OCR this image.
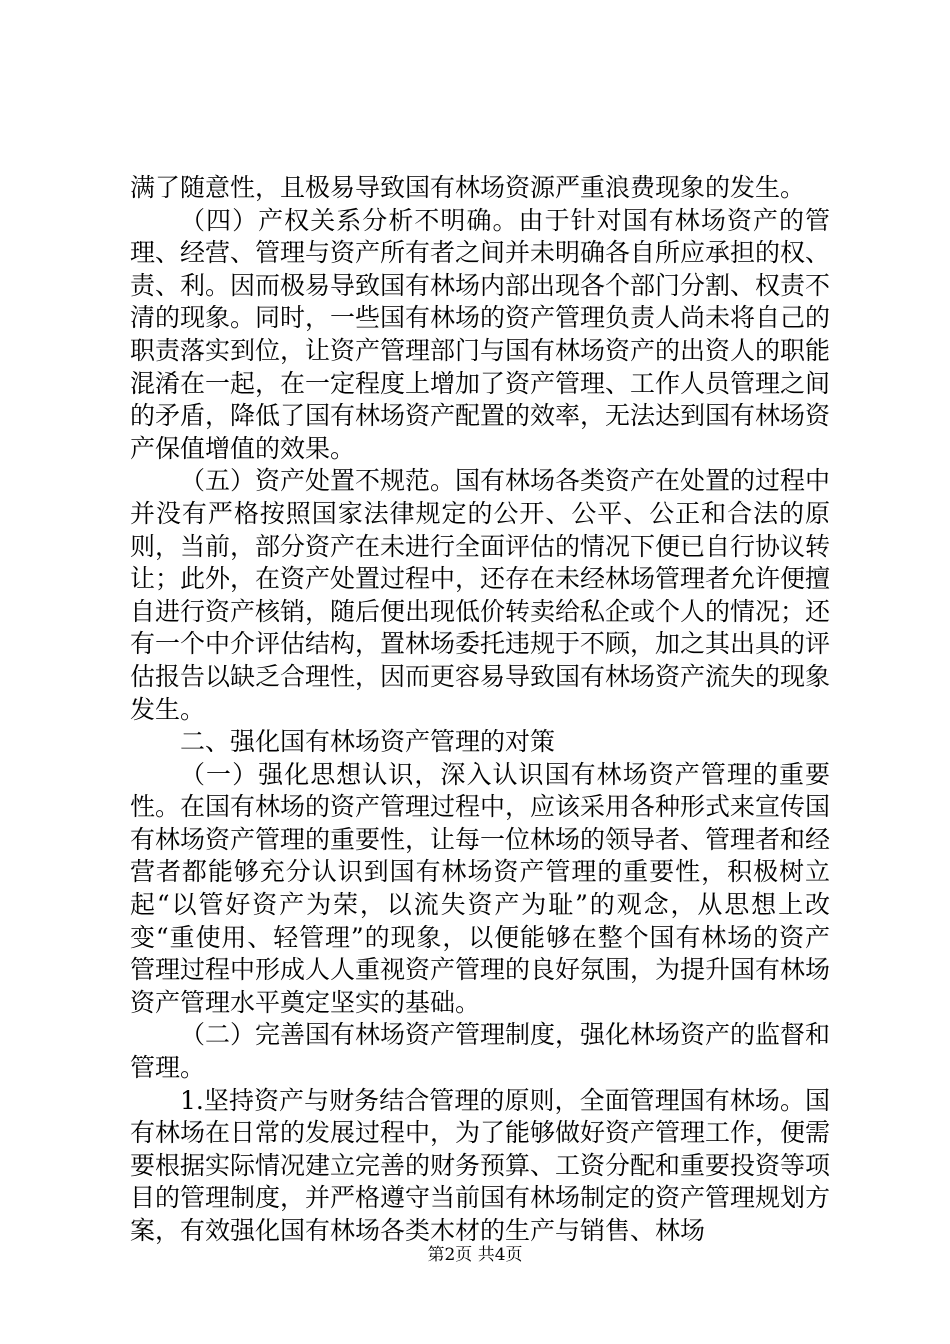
满了随意性，且极易导致国有林场资源严重浪费现象的发生。

（四）产权关系分析不明确。由于针对国有林场资产的管理、经营、管理与资产所有者之间并未明确各自所应承担的权、责、利。因而极易导致国有林场内部出现各个部门分割、权责不清的现象。同时，一些国有林场的资产管理负责人尚未将自己的职责落实到位，让资产管理部门与国有林场资产的出资人的职能混淆在一起，在一定程度上增加了资产管理、工作人员管理之间的矛盾，降低了国有林场资产配置的效率，无法达到国有林场资产保值增值的效果。

（五）资产处置不规范。国有林场各类资产在处置的过程中并没有严格按照国家法律规定的公开、公平、公正和合法的原则，当前，部分资产在未进行全面评估的情况下便已自行协议转让；此外，在资产处置过程中，还存在未经林场管理者允许便擅自进行资产核销，随后便出现低价转卖给私企或个人的情况；还有一个中介评估结构，置林场委托违规于不顾，加之其出具的评估报告以缺乏合理性，因而更容易导致国有林场资产流失的现象发生。

二、强化国有林场资产管理的对策

（一）强化思想认识，深入认识国有林场资产管理的重要性。在国有林场的资产管理过程中，应该采用各种形式来宣传国有林场资产管理的重要性，让每一位林场的领导者、管理者和经营者都能够充分认识到国有林场资产管理的重要性，积极树立起“以管好资产为荣，以流失资产为耻”的观念，从思想上改变“重使用、轻管理”的现象，以便能够在整个国有林场的资产管理过程中形成人人重视资产管理的良好氛围，为提升国有林场资产管理水平奠定坚实的基础。

（二）完善国有林场资产管理制度，强化林场资产的监督和管理。

1.坚持资产与财务结合管理的原则，全面管理国有林场。国有林场在日常的发展过程中，为了能够做好资产管理工作，便需要根据实际情况建立完善的财务预算、工资分配和重要投资等项目的管理制度，并严格遵守当前国有林场制定的资产管理规划方案，有效强化国有林场各类木材的生产与销售、林场

第2页 共4页
